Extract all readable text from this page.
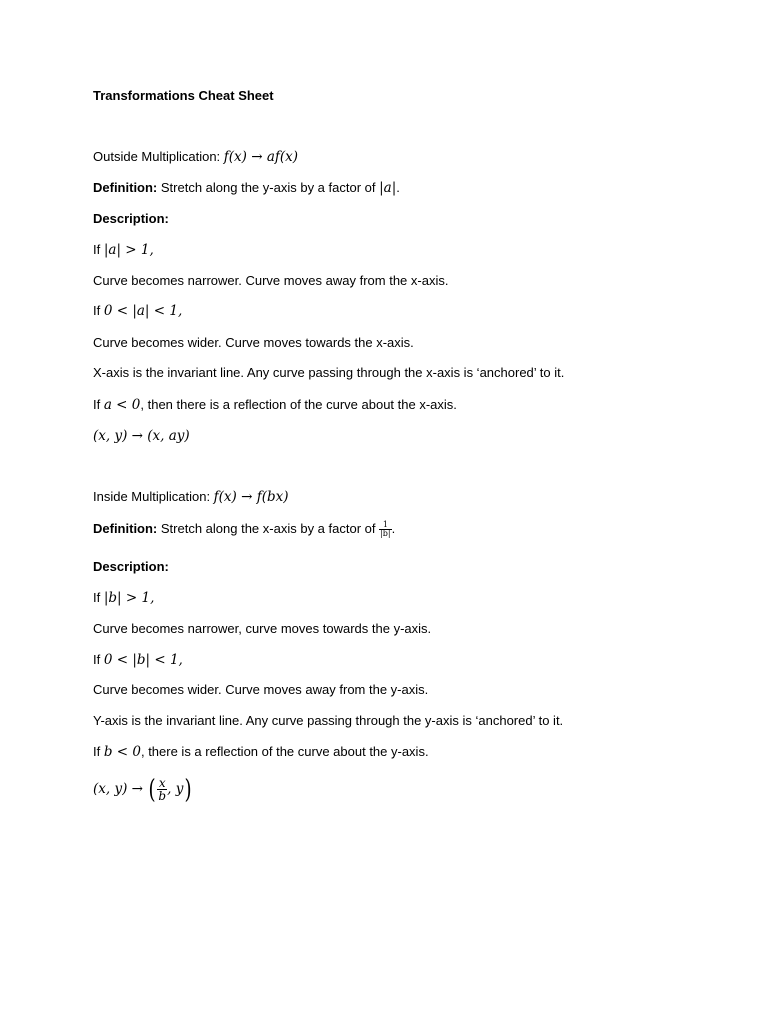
Transformations Cheat Sheet
Outside Multiplication: f(x) → af(x)
Definition: Stretch along the y-axis by a factor of |a|.
Description:
If |a| > 1,
Curve becomes narrower. Curve moves away from the x-axis.
If 0 < |a| < 1,
Curve becomes wider. Curve moves towards the x-axis.
X-axis is the invariant line. Any curve passing through the x-axis is ‘anchored’ to it.
If a < 0, then there is a reflection of the curve about the x-axis.
(x, y) → (x, ay)
Inside Multiplication: f(x) → f(bx)
Definition: Stretch along the x-axis by a factor of $\frac{1}{|b|}$ .
Description:
If |b| > 1,
Curve becomes narrower, curve moves towards the y-axis.
If 0 < |b| < 1,
Curve becomes wider. Curve moves away from the y-axis.
Y-axis is the invariant line. Any curve passing through the y-axis is ‘anchored’ to it.
If b < 0, there is a reflection of the curve about the y-axis.
(x, y) → ( $\frac{x}{b}$ , y)
